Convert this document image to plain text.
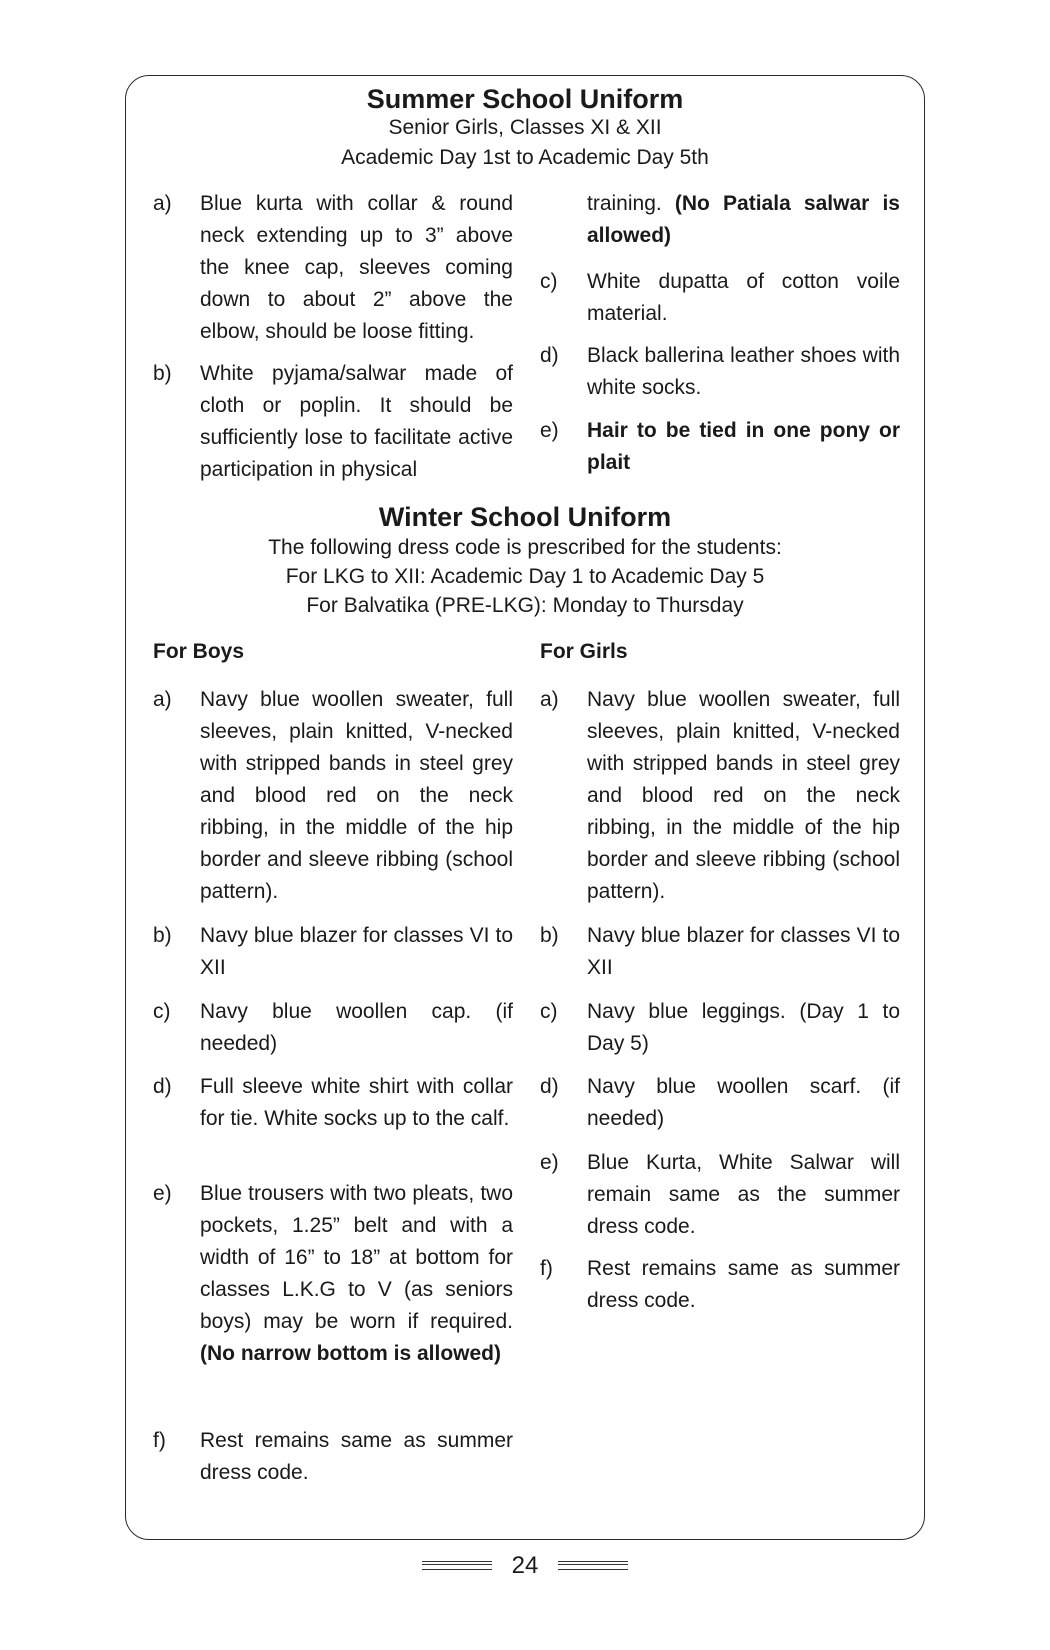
Summer School Uniform
Senior Girls, Classes XI & XII
Academic Day 1st to Academic Day 5th
a) Blue kurta with collar & round neck extending up to 3” above the knee cap, sleeves coming down to about 2” above the elbow, should be loose fitting.
b) White pyjama/salwar made of cloth or poplin. It should be sufficiently lose to facilitate active participation in physical
training. (No Patiala salwar is allowed)
c) White dupatta of cotton voile material.
d) Black ballerina leather shoes with white socks.
e) Hair to be tied in one pony or plait
Winter School Uniform
The following dress code is prescribed for the students:
For LKG to XII: Academic Day 1 to Academic Day 5
For Balvatika (PRE-LKG): Monday to Thursday
For Boys	For Girls
a) Navy blue woollen sweater, full sleeves, plain knitted, V-necked with stripped bands in steel grey and blood red on the neck ribbing, in the middle of the hip border and sleeve ribbing (school pattern).
b) Navy blue blazer for classes VI to XII
c) Navy blue woollen cap. (if needed)
d) Full sleeve white shirt with collar for tie. White socks up to the calf.
e) Blue trousers with two pleats, two pockets, 1.25” belt and with a width of 16” to 18” at bottom for classes L.K.G to V (as seniors boys) may be worn if required. (No narrow bottom is allowed)
f) Rest remains same as summer dress code.
a) Navy blue woollen sweater, full sleeves, plain knitted, V-necked with stripped bands in steel grey and blood red on the neck ribbing, in the middle of the hip border and sleeve ribbing (school pattern).
b) Navy blue blazer for classes VI to XII
c) Navy blue leggings. (Day 1 to Day 5)
d) Navy blue woollen scarf. (if needed)
e) Blue Kurta, White Salwar will remain same as the summer dress code.
f) Rest remains same as summer dress code.
24
